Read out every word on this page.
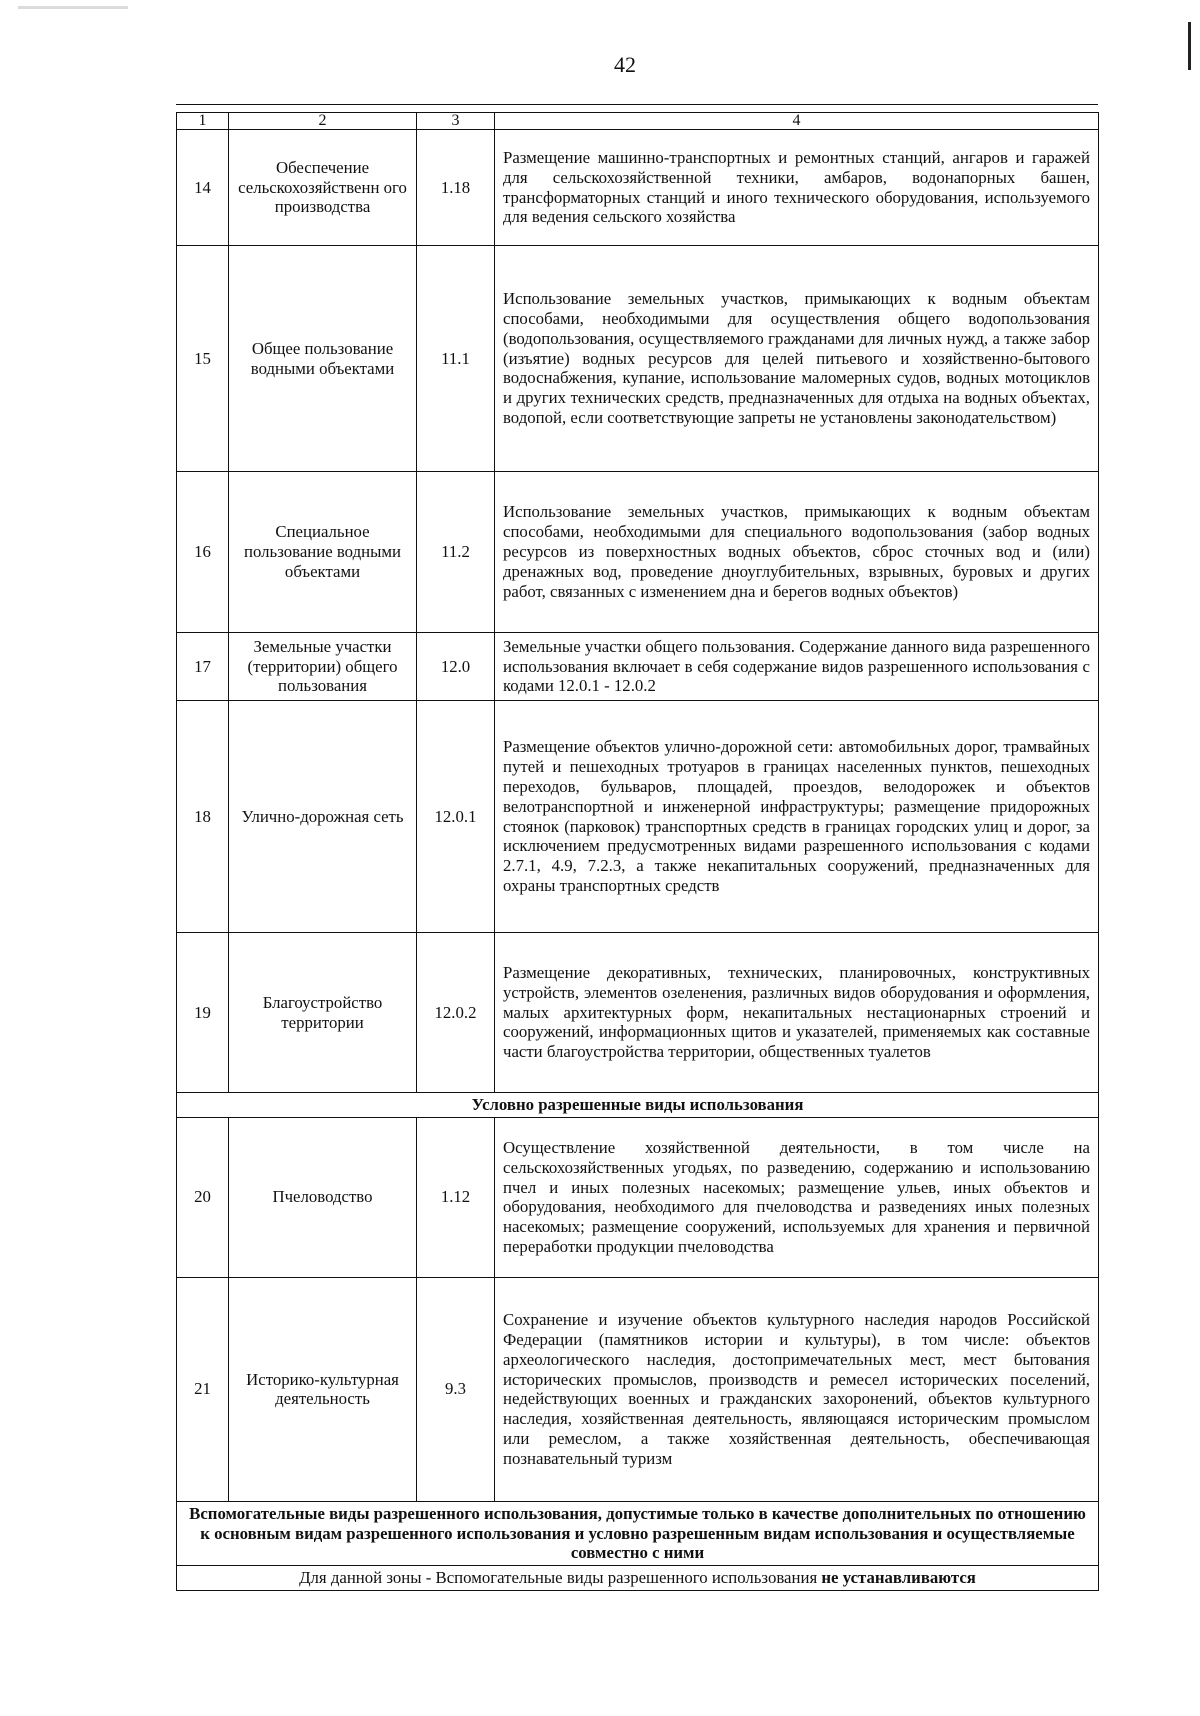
42
1	2	3	4
14	Обеспечение сельскохозяйственн ого производства	1.18	Размещение машинно-транспортных и ремонтных станций, ангаров и гаражей для сельскохозяйственной техники, амбаров, водонапорных башен, трансформаторных станций и иного технического оборудования, используемого для ведения сельского хозяйства
15	Общее пользование водными объектами	11.1	Использование земельных участков, примыкающих к водным объектам способами, необходимыми для осуществления общего водопользования (водопользования, осуществляемого гражданами для личных нужд, а также забор (изъятие) водных ресурсов для целей питьевого и хозяйственно-бытового водоснабжения, купание, использование маломерных судов, водных мотоциклов и других технических средств, предназначенных для отдыха на водных объектах, водопой, если соответствующие запреты не установлены законодательством)
16	Специальное пользование водными объектами	11.2	Использование земельных участков, примыкающих к водным объектам способами, необходимыми для специального водопользования (забор водных ресурсов из поверхностных водных объектов, сброс сточных вод и (или) дренажных вод, проведение дноуглубительных, взрывных, буровых и других работ, связанных с изменением дна и берегов водных объектов)
17	Земельные участки (территории) общего пользования	12.0	Земельные участки общего пользования. Содержание данного вида разрешенного использования включает в себя содержание видов разрешенного использования с кодами 12.0.1 - 12.0.2
18	Улично-дорожная сеть	12.0.1	Размещение объектов улично-дорожной сети: автомобильных дорог, трамвайных путей и пешеходных тротуаров в границах населенных пунктов, пешеходных переходов, бульваров, площадей, проездов, велодорожек и объектов велотранспортной и инженерной инфраструктуры; размещение придорожных стоянок (парковок) транспортных средств в границах городских улиц и дорог, за исключением предусмотренных видами разрешенного использования с кодами 2.7.1, 4.9, 7.2.3, а также некапитальных сооружений, предназначенных для охраны транспортных средств
19	Благоустройство территории	12.0.2	Размещение декоративных, технических, планировочных, конструктивных устройств, элементов озеленения, различных видов оборудования и оформления, малых архитектурных форм, некапитальных нестационарных строений и сооружений, информационных щитов и указателей, применяемых как составные части благоустройства территории, общественных туалетов
Условно разрешенные виды использования			
20	Пчеловодство	1.12	Осуществление хозяйственной деятельности, в том числе на сельскохозяйственных угодьях, по разведению, содержанию и использованию пчел и иных полезных насекомых; размещение ульев, иных объектов и оборудования, необходимого для пчеловодства и разведениях иных полезных насекомых; размещение сооружений, используемых для хранения и первичной переработки продукции пчеловодства
21	Историко-культурная деятельность	9.3	Сохранение и изучение объектов культурного наследия народов Российской Федерации (памятников истории и культуры), в том числе: объектов археологического наследия, достопримечательных мест, мест бытования исторических промыслов, производств и ремесел исторических поселений, недействующих военных и гражданских захоронений, объектов культурного наследия, хозяйственная деятельность, являющаяся историческим промыслом или ремеслом, а также хозяйственная деятельность, обеспечивающая познавательный туризм
Вспомогательные виды разрешенного использования, допустимые только в качестве дополнительных по отношению к основным видам разрешенного использования и условно разрешенным видам использования и осуществляемые совместно с ними			
Для данной зоны - Вспомогательные виды разрешенного использования не устанавливаются			
